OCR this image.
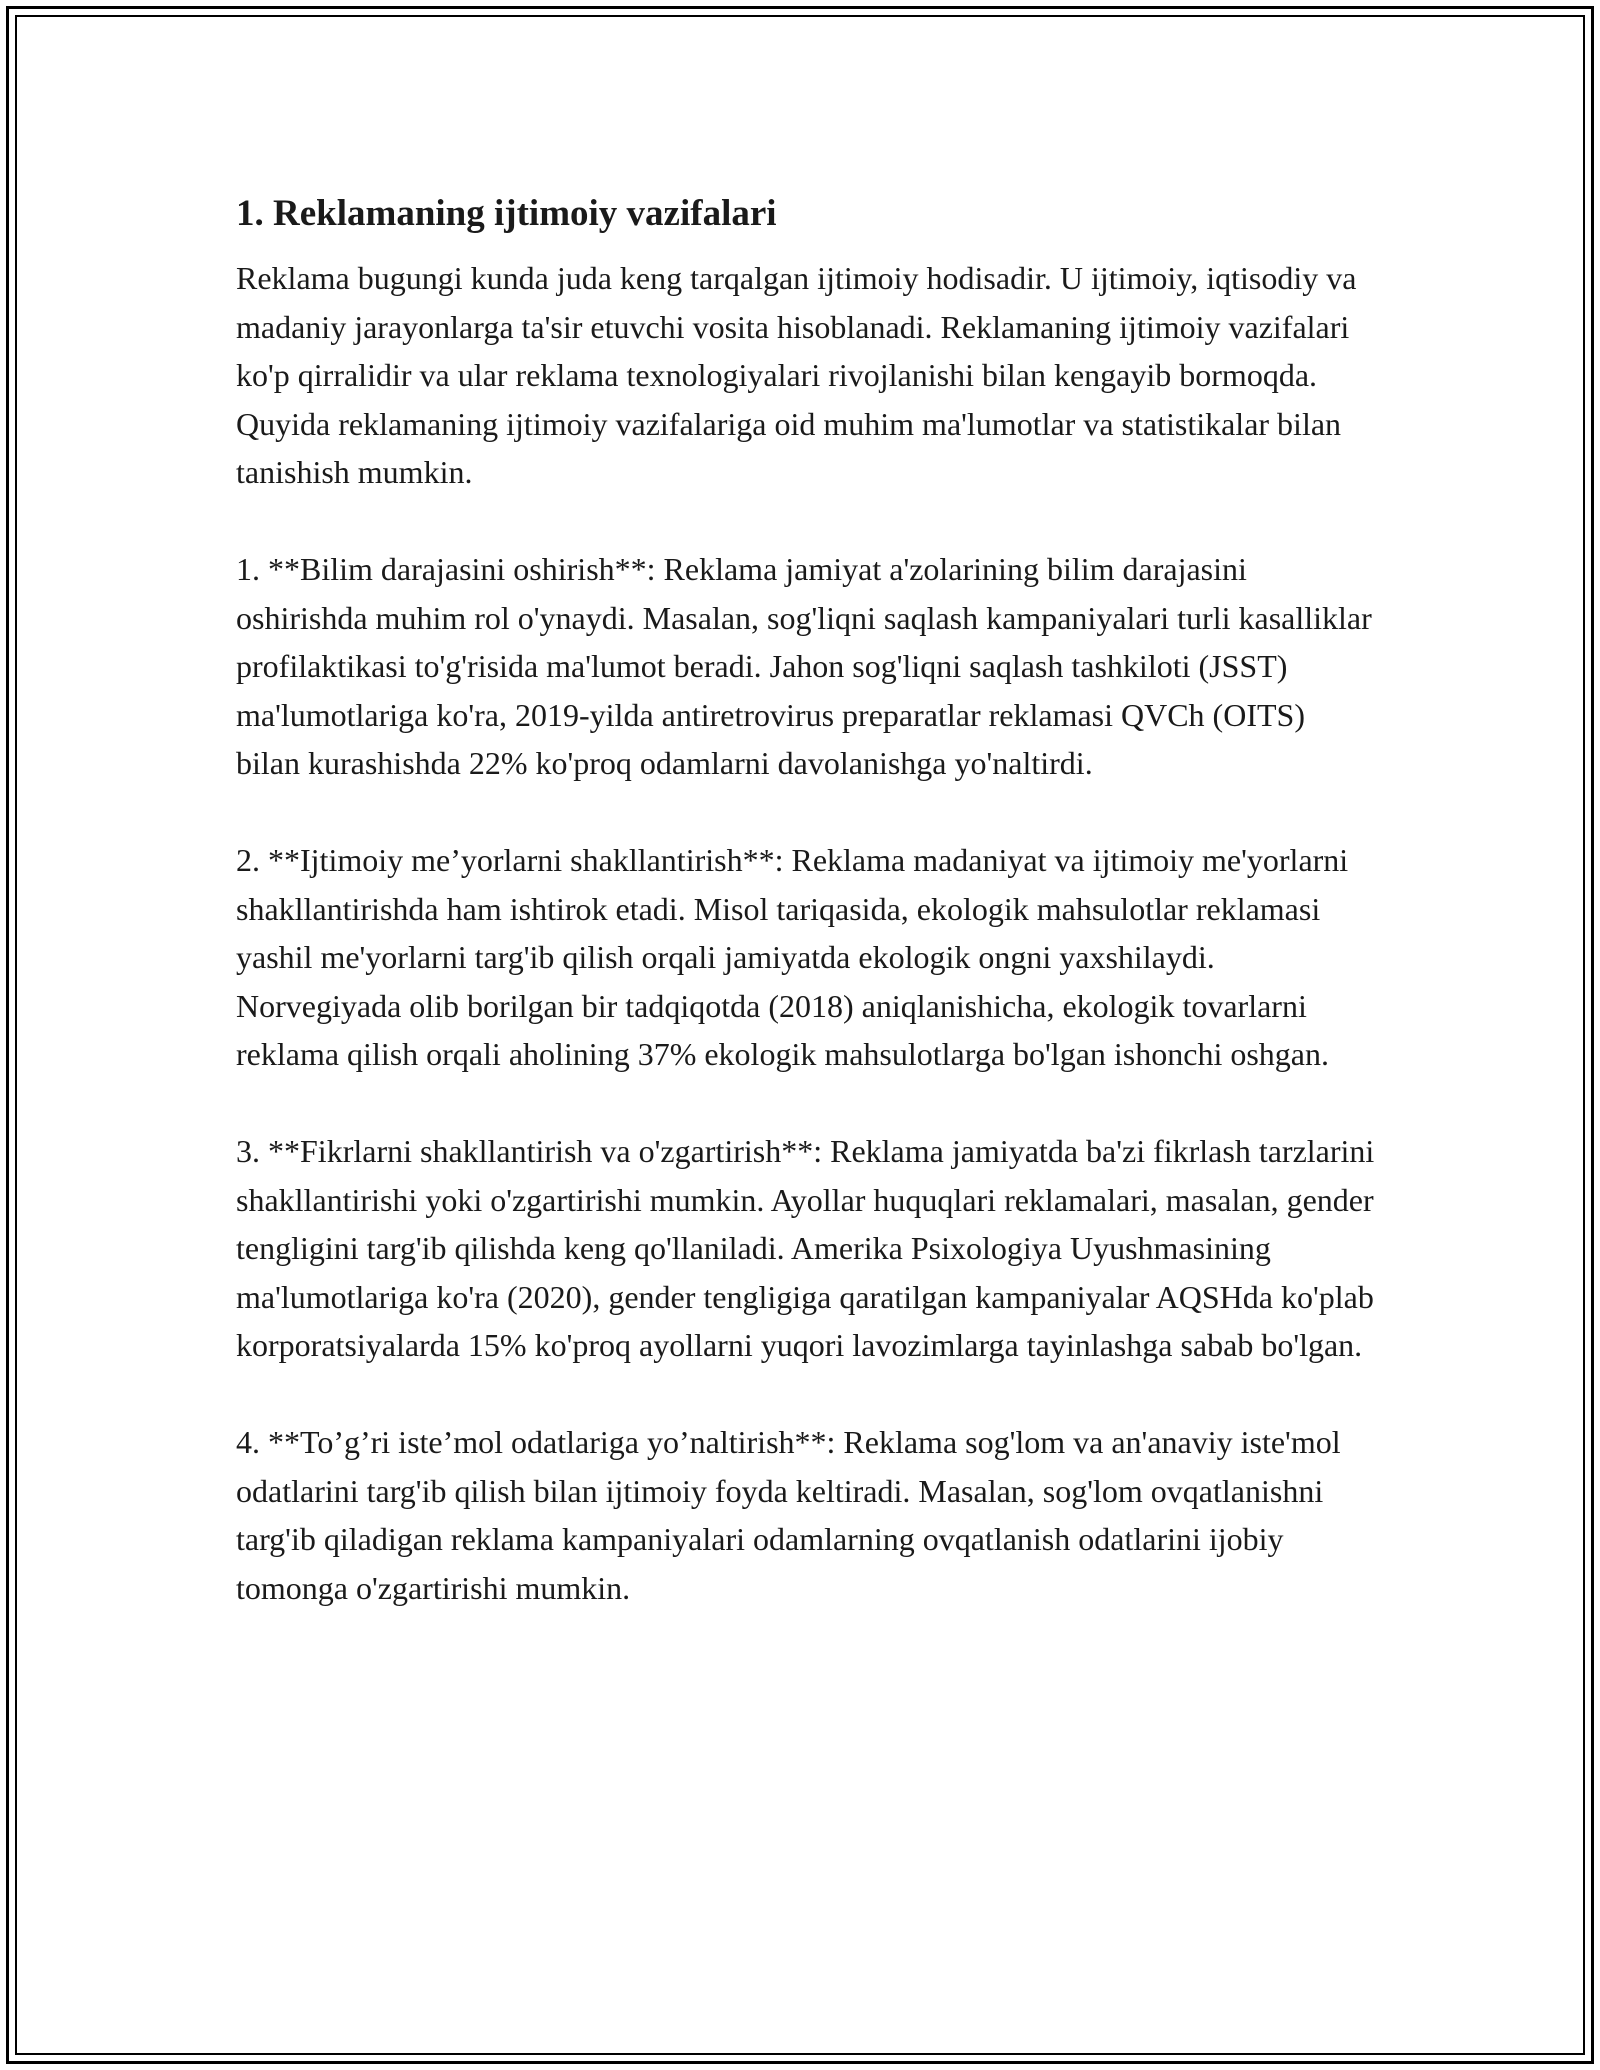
1. Reklamaning ijtimoiy vazifalari

Reklama bugungi kunda juda keng tarqalgan ijtimoiy hodisadir. U ijtimoiy, iqtisodiy va madaniy jarayonlarga ta'sir etuvchi vosita hisoblanadi. Reklamaning ijtimoiy vazifalari ko'p qirralidir va ular reklama texnologiyalari rivojlanishi bilan kengayib bormoqda. Quyida reklamaning ijtimoiy vazifalariga oid muhim ma'lumotlar va statistikalar bilan tanishish mumkin.

1. **Bilim darajasini oshirish**: Reklama jamiyat a'zolarining bilim darajasini oshirishda muhim rol o'ynaydi. Masalan, sog'liqni saqlash kampaniyalari turli kasalliklar profilaktikasi to'g'risida ma'lumot beradi. Jahon sog'liqni saqlash tashkiloti (JSST) ma'lumotlariga ko'ra, 2019-yilda antiretrovirus preparatlar reklamasi QVCh (OITS) bilan kurashishda 22% ko'proq odamlarni davolanishga yo'naltirdi.

2. **Ijtimoiy me’yorlarni shakllantirish**: Reklama madaniyat va ijtimoiy me'yorlarni shakllantirishda ham ishtirok etadi. Misol tariqasida, ekologik mahsulotlar reklamasi yashil me'yorlarni targ'ib qilish orqali jamiyatda ekologik ongni yaxshilaydi. Norvegiyada olib borilgan bir tadqiqotda (2018) aniqlanishicha, ekologik tovarlarni reklama qilish orqali aholining 37% ekologik mahsulotlarga bo'lgan ishonchi oshgan.

3. **Fikrlarni shakllantirish va o'zgartirish**: Reklama jamiyatda ba'zi fikrlash tarzlarini shakllantirishi yoki o'zgartirishi mumkin. Ayollar huquqlari reklamalari, masalan, gender tengligini targ'ib qilishda keng qo'llaniladi. Amerika Psixologiya Uyushmasining ma'lumotlariga ko'ra (2020), gender tengligiga qaratilgan kampaniyalar AQSHda ko'plab korporatsiyalarda 15% ko'proq ayollarni yuqori lavozimlarga tayinlashga sabab bo'lgan.

4. **To’g’ri iste’mol odatlariga yo’naltirish**: Reklama sog'lom va an'anaviy iste'mol odatlarini targ'ib qilish bilan ijtimoiy foyda keltiradi. Masalan, sog'lom ovqatlanishni targ'ib qiladigan reklama kampaniyalari odamlarning ovqatlanish odatlarini ijobiy tomonga o'zgartirishi mumkin.
